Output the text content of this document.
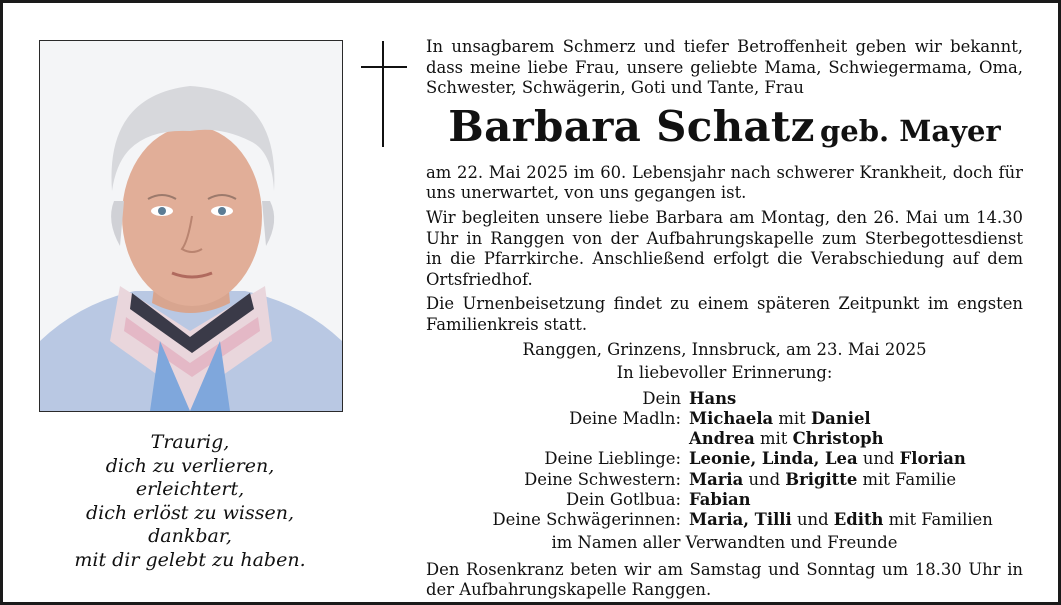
Traurig,
dich zu verlieren,
erleichtert,
dich erlöst zu wissen,
dankbar,
mit dir gelebt zu haben.

In unsagbarem Schmerz und tiefer Betroffenheit geben wir bekannt, dass meine liebe Frau, unsere geliebte Mama, Schwiegermama, Oma, Schwester, Schwägerin, Goti und Tante, Frau

Barbara Schatz geb. Mayer

am 22. Mai 2025 im 60. Lebensjahr nach schwerer Krankheit, doch für uns unerwartet, von uns gegangen ist.

Wir begleiten unsere liebe Barbara am Montag, den 26. Mai um 14.30 Uhr in Ranggen von der Aufbahrungskapelle zum Sterbegottesdienst in die Pfarrkirche. Anschließend erfolgt die Verabschiedung auf dem Ortsfriedhof.

Die Urnenbeisetzung findet zu einem späteren Zeitpunkt im engsten Familienkreis statt.

Ranggen, Grinzens, Innsbruck, am 23. Mai 2025
In liebevoller Erinnerung:
Dein Hans
Deine Madln: Michaela mit Daniel
Andrea mit Christoph
Deine Lieblinge: Leonie, Linda, Lea und Florian
Deine Schwestern: Maria und Brigitte mit Familie
Dein Gotlbua: Fabian
Deine Schwägerinnen: Maria, Tilli und Edith mit Familien
im Namen aller Verwandten und Freunde

Den Rosenkranz beten wir am Samstag und Sonntag um 18.30 Uhr in der Aufbahrungskapelle Ranggen.
